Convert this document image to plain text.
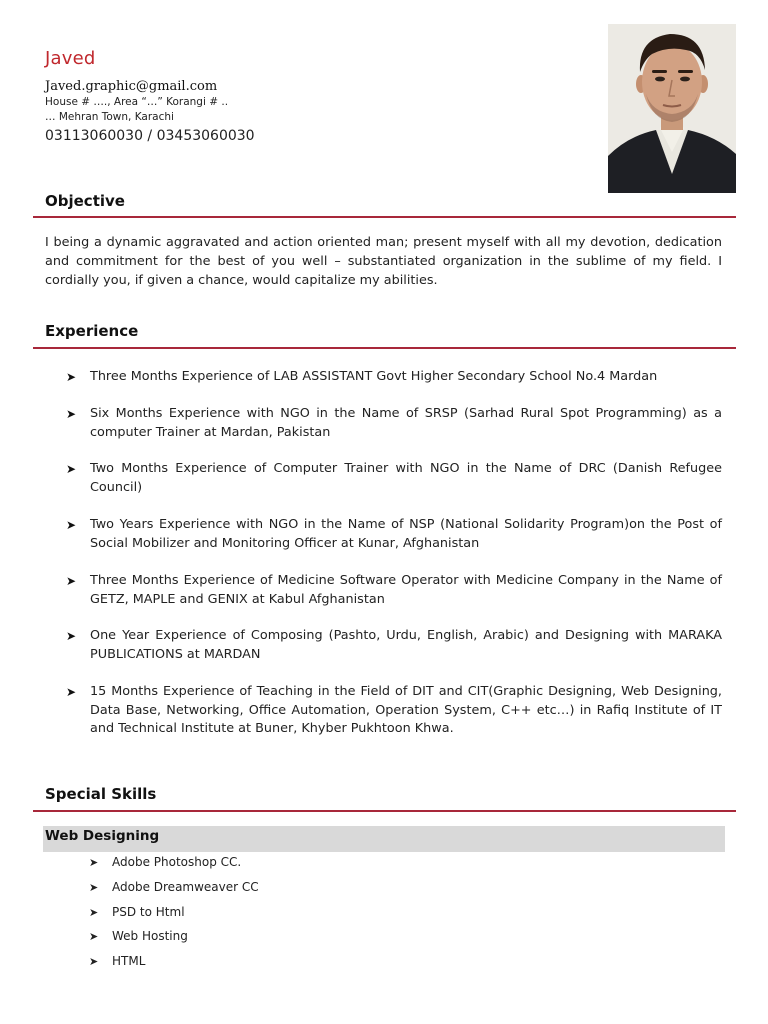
Javed
Javed.graphic@gmail.com
House # …., Area “…” Korangi # ..
… Mehran Town, Karachi
03113060030 / 03453060030
Objective
I being a dynamic aggravated and action oriented man; present myself with all my devotion, dedication and commitment for the best of you well – substantiated organization in the sublime of my field. I cordially you, if given a chance, would capitalize my abilities.
Experience
➤ Three Months Experience of LAB ASSISTANT Govt Higher Secondary School No.4 Mardan
➤ Six Months Experience with NGO in the Name of SRSP (Sarhad Rural Spot Programming) as a computer Trainer at Mardan, Pakistan
➤ Two Months Experience of Computer Trainer with NGO in the Name of DRC (Danish Refugee Council)
➤ Two Years Experience with NGO in the Name of NSP (National Solidarity Program)on the Post of Social Mobilizer and Monitoring Officer at Kunar, Afghanistan
➤ Three Months Experience of Medicine Software Operator with Medicine Company in the Name of GETZ, MAPLE and GENIX at Kabul Afghanistan
➤ One Year Experience of Composing (Pashto, Urdu, English, Arabic) and Designing with MARAKA PUBLICATIONS at MARDAN
➤ 15 Months Experience of Teaching in the Field of DIT and CIT(Graphic Designing, Web Designing, Data Base, Networking, Office Automation, Operation System, C++ etc…) in Rafiq Institute of IT and Technical Institute at Buner, Khyber Pukhtoon Khwa.
Special Skills
Web Designing
➤ Adobe Photoshop CC.
➤ Adobe Dreamweaver CC
➤ PSD to Html
➤ Web Hosting
➤ HTML
